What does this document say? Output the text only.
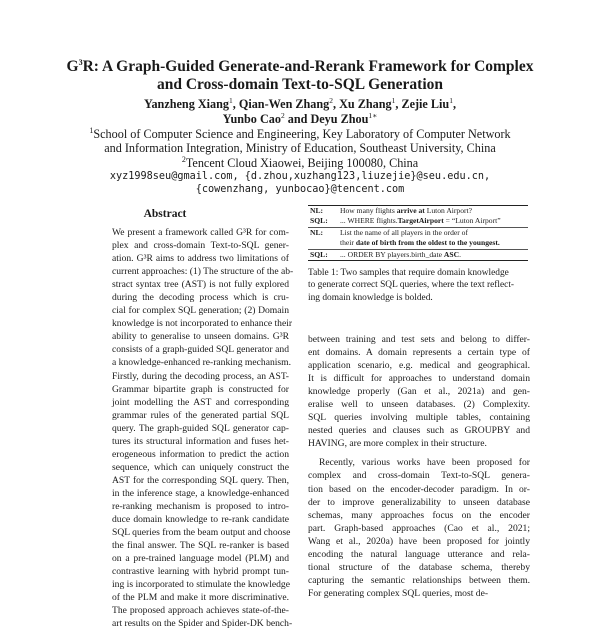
$G^3R$: A Graph-Guided Generate-and-Rerank Framework for Complex
and Cross-domain Text-to-SQL Generation
Yanzheng Xiang$^1$, Qian-Wen Zhang$^2$, Xu Zhang$^1$, Zejie Liu$^1$,
Yunbo Cao$^2$ and Deyu Zhou$^{1∗}$
$^1$School of Computer Science and Engineering, Key Laboratory of Computer Network
and Information Integration, Ministry of Education, Southeast University, China
$^2$Tencent Cloud Xiaowei, Beijing 100080, China
xyz1998seu@gmail.com, {d.zhou,xuzhang123,liuzejie}@seu.edu.cn,
{cowenzhang, yunbocao}@tencent.com
Abstract
We present a framework called G³R for com-
plex and cross-domain Text-to-SQL gener-
ation. G³R aims to address two limitations of
current approaches: (1) The structure of the ab-
stract syntax tree (AST) is not fully explored
during the decoding process which is cru-
cial for complex SQL generation; (2) Domain
knowledge is not incorporated to enhance their
ability to generalise to unseen domains. G³R
consists of a graph-guided SQL generator and
a knowledge-enhanced re-ranking mechanism.
Firstly, during the decoding process, an AST-
Grammar bipartite graph is constructed for
joint modelling the AST and corresponding
grammar rules of the generated partial SQL
query. The graph-guided SQL generator cap-
tures its structural information and fuses het-
erogeneous information to predict the action
sequence, which can uniquely construct the
AST for the corresponding SQL query. Then,
in the inference stage, a knowledge-enhanced
re-ranking mechanism is proposed to intro-
duce domain knowledge to re-rank candidate
SQL queries from the beam output and choose
the final answer. The SQL re-ranker is based
on a pre-trained language model (PLM) and
contrastive learning with hybrid prompt tun-
ing is incorporated to stimulate the knowledge
of the PLM and make it more discriminative.
The proposed approach achieves state-of-the-
art results on the Spider and Spider-DK bench-
NL:	How many flights arrive at Luton Airport?
SQL:	... WHERE flights.TargetAirport = “Luton Airport”
NL:	List the name of all players in the order of
	their date of birth from the oldest to the youngest.
SQL:	... ORDER BY players.birth_date ASC.
Table 1: Two samples that require domain knowledge
to generate correct SQL queries, where the text reflect-
ing domain knowledge is bolded.
between training and test sets and belong to differ-
ent domains. A domain represents a certain type of
application scenario, e.g. medical and geographical.
It is difficult for approaches to understand domain
knowledge properly (Gan et al., 2021a) and gen-
eralise well to unseen databases. (2) Complexity.
SQL queries involving multiple tables, containing
nested queries and clauses such as GROUPBY and
HAVING, are more complex in their structure.
Recently, various works have been proposed for
complex and cross-domain Text-to-SQL genera-
tion based on the encoder-decoder paradigm. In or-
der to improve generalizability to unseen database
schemas, many approaches focus on the encoder
part. Graph-based approaches (Cao et al., 2021;
Wang et al., 2020a) have been proposed for jointly
encoding the natural language utterance and rela-
tional structure of the database schema, thereby
capturing the semantic relationships between them.
For generating complex SQL queries, most de-
